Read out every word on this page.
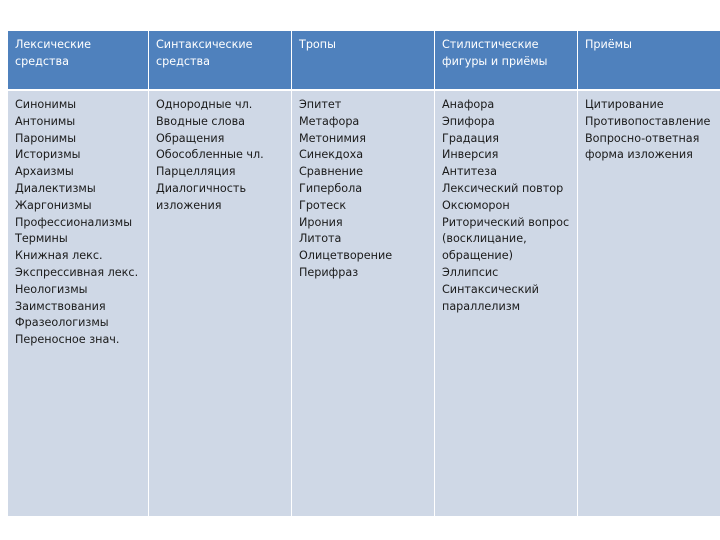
Лексические
средства
Синтаксические
средства
Тропы	Стилистические
фигуры и приёмы
Приёмы
Синонимы
Антонимы
Паронимы
Историзмы
Архаизмы
Диалектизмы
Жаргонизмы
Профессионализмы
Термины
Книжная лекс.
Экспрессивная лекс.
Неологизмы
Заимствования
Фразеологизмы
Переносное знач.
Однородные чл.
Вводные слова
Обращения
Обособленные чл.
Парцелляция
Диалогичность
изложения
Эпитет
Метафора
Метонимия
Синекдоха
Сравнение
Гипербола
Гротеск
Ирония
Литота
Олицетворение
Перифраз
Анафора
Эпифора
Градация
Инверсия
Антитеза
Лексический повтор
Оксюморон
Риторический вопрос
(восклицание,
обращение)
Эллипсис
Синтаксический
параллелизм
Цитирование
Противопоставление
Вопросно-ответная
форма изложения
